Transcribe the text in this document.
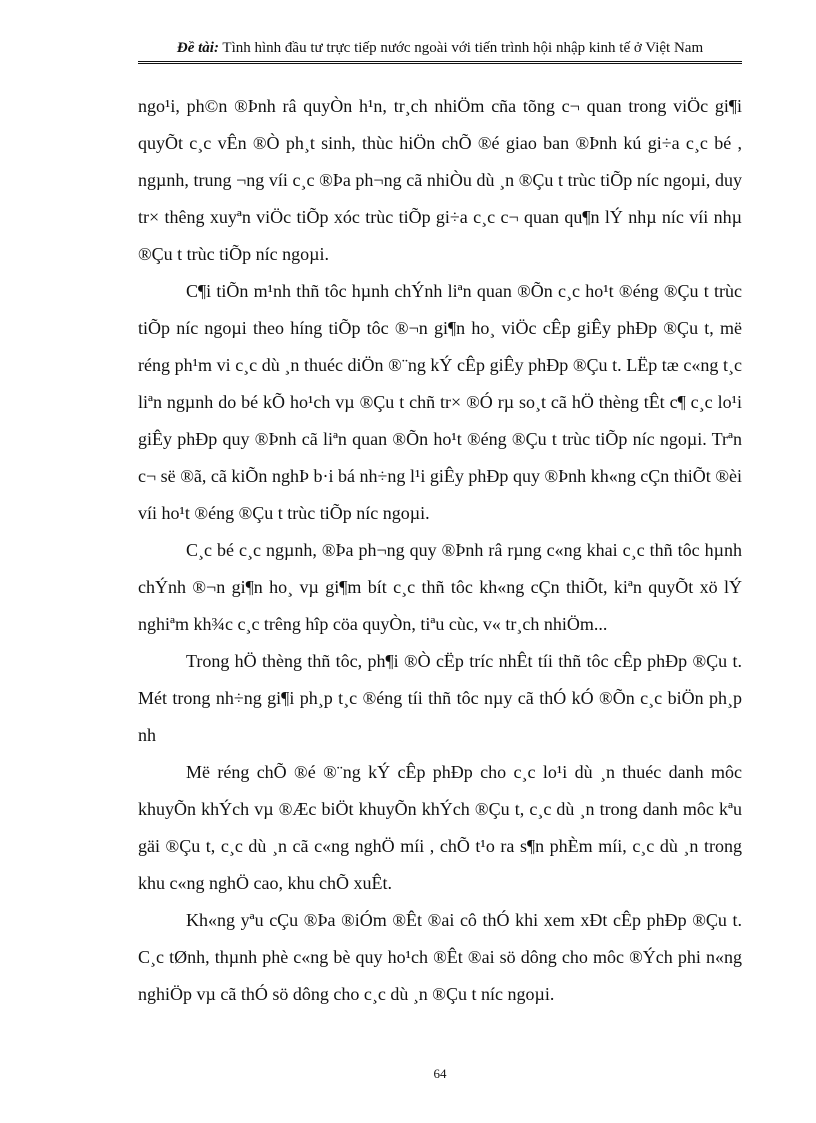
Đề tài: Tình hình đầu tư trực tiếp nước ngoài với tiến trình hội nhập kinh tế ở Việt Nam

ngo¹i, ph©n ®Þnh râ quyÒn h¹n, tr¸ch nhiÖm cña tõng c¬ quan trong viÖc gi¶i quyÕt c¸c vÊn ®Ò ph¸t sinh, thùc hiÖn chÕ ®é giao ban ®Þnh kú gi÷a c¸c bé , ngµnh, trung ¬ng víi c¸c ®Þa ph¬ng cã nhiÒu dù ¸n ®Çu t trùc tiÕp níc ngoµi, duy tr× thêng xuyªn viÖc tiÕp xóc trùc tiÕp gi÷a c¸c c¬ quan qu¶n lÝ nhµ níc víi nhµ ®Çu t trùc tiÕp níc ngoµi.

C¶i tiÕn m¹nh thñ tôc hµnh chÝnh liªn quan ®Õn c¸c ho¹t ®éng ®Çu t trùc tiÕp níc ngoµi theo híng tiÕp tôc ®¬n gi¶n ho¸ viÖc cÊp giÊy phÐp ®Çu t, më réng ph¹m vi c¸c dù ¸n thuéc diÖn ®¨ng kÝ cÊp giÊy phÐp ®Çu t. LËp tæ c«ng t¸c liªn ngµnh do bé kÕ ho¹ch vµ ®Çu t chñ tr× ®Ó rµ so¸t cã hÖ thèng tÊt c¶ c¸c lo¹i giÊy phÐp quy ®Þnh cã liªn quan ®Õn ho¹t ®éng ®Çu t trùc tiÕp níc ngoµi. Trªn c¬ së ®ã, cã kiÕn nghÞ b·i bá nh÷ng l¹i giÊy phÐp quy ®Þnh kh«ng cÇn thiÕt ®èi víi ho¹t ®éng ®Çu t trùc tiÕp níc ngoµi.

C¸c bé c¸c ngµnh, ®Þa ph¬ng quy ®Þnh râ rµng c«ng khai c¸c thñ tôc hµnh chÝnh ®¬n gi¶n ho¸ vµ gi¶m bít c¸c thñ tôc kh«ng cÇn thiÕt, kiªn quyÕt xö lÝ nghiªm kh¾c c¸c trêng hîp cöa quyÒn, tiªu cùc, v« tr¸ch nhiÖm...

Trong hÖ thèng thñ tôc, ph¶i ®Ò cËp tríc nhÊt tíi thñ tôc cÊp phÐp ®Çu t. Mét trong nh÷ng gi¶i ph¸p t¸c ®éng tíi thñ tôc nµy cã thÓ kÓ ®Õn c¸c biÖn ph¸p nh

Më réng chÕ ®é ®¨ng kÝ cÊp phÐp cho c¸c lo¹i dù ¸n thuéc danh môc khuyÕn khÝch vµ ®Æc biÖt khuyÕn khÝch ®Çu t, c¸c dù ¸n trong danh môc kªu gäi ®Çu t, c¸c dù ¸n cã c«ng nghÖ míi , chÕ t¹o ra s¶n phÈm míi, c¸c dù ¸n trong khu c«ng nghÖ cao, khu chÕ xuÊt.

Kh«ng yªu cÇu ®Þa ®iÓm ®Êt ®ai cô thÓ khi xem xÐt cÊp phÐp ®Çu t. C¸c tØnh, thµnh phè c«ng bè quy ho¹ch ®Êt ®ai sö dông cho môc ®Ých phi n«ng nghiÖp vµ cã thÓ sö dông cho c¸c dù ¸n ®Çu t níc ngoµi.

64
